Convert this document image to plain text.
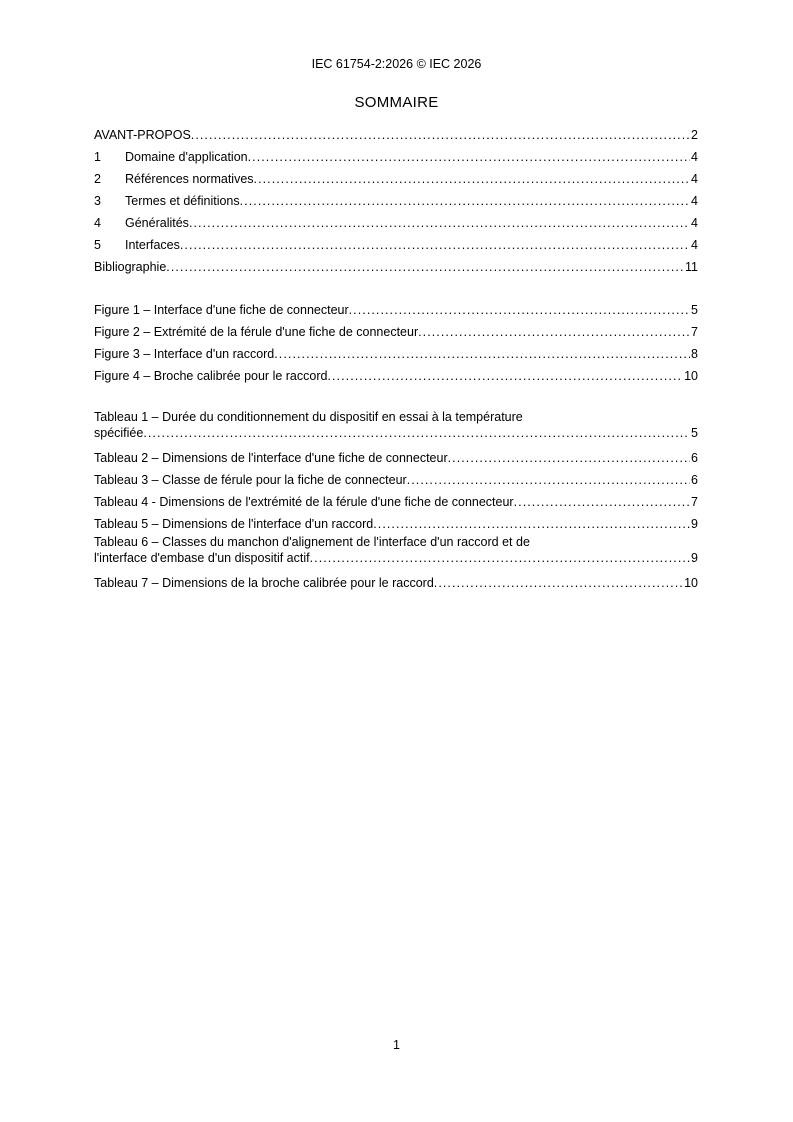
IEC 61754-2:2026 © IEC 2026
SOMMAIRE
AVANT-PROPOS . . .	2
1	Domaine d'application . . .	4
2	Références normatives . . .	4
3	Termes et définitions . . .	4
4	Généralités . . .	4
5	Interfaces . . .	4
Bibliographie . . .	11
Figure 1 – Interface d'une fiche de connecteur . . .	5
Figure 2 – Extrémité de la férule d'une fiche de connecteur . . .	7
Figure 3 – Interface d'un raccord . . .	8
Figure 4 – Broche calibrée pour le raccord . . .	10
Tableau 1 – Durée du conditionnement du dispositif en essai à la température
spécifiée . . .	5
Tableau 2 – Dimensions de l'interface d'une fiche de connecteur . . .	6
Tableau 3 – Classe de férule pour la fiche de connecteur . . .	6
Tableau 4 - Dimensions de l'extrémité de la férule d'une fiche de connecteur . . .	7
Tableau 5 – Dimensions de l'interface d'un raccord . . .	9
Tableau 6 – Classes du manchon d'alignement de l'interface d'un raccord et de
l'interface d'embase d'un dispositif actif . . .	9
Tableau 7 – Dimensions de la broche calibrée pour le raccord . . .	10
1
